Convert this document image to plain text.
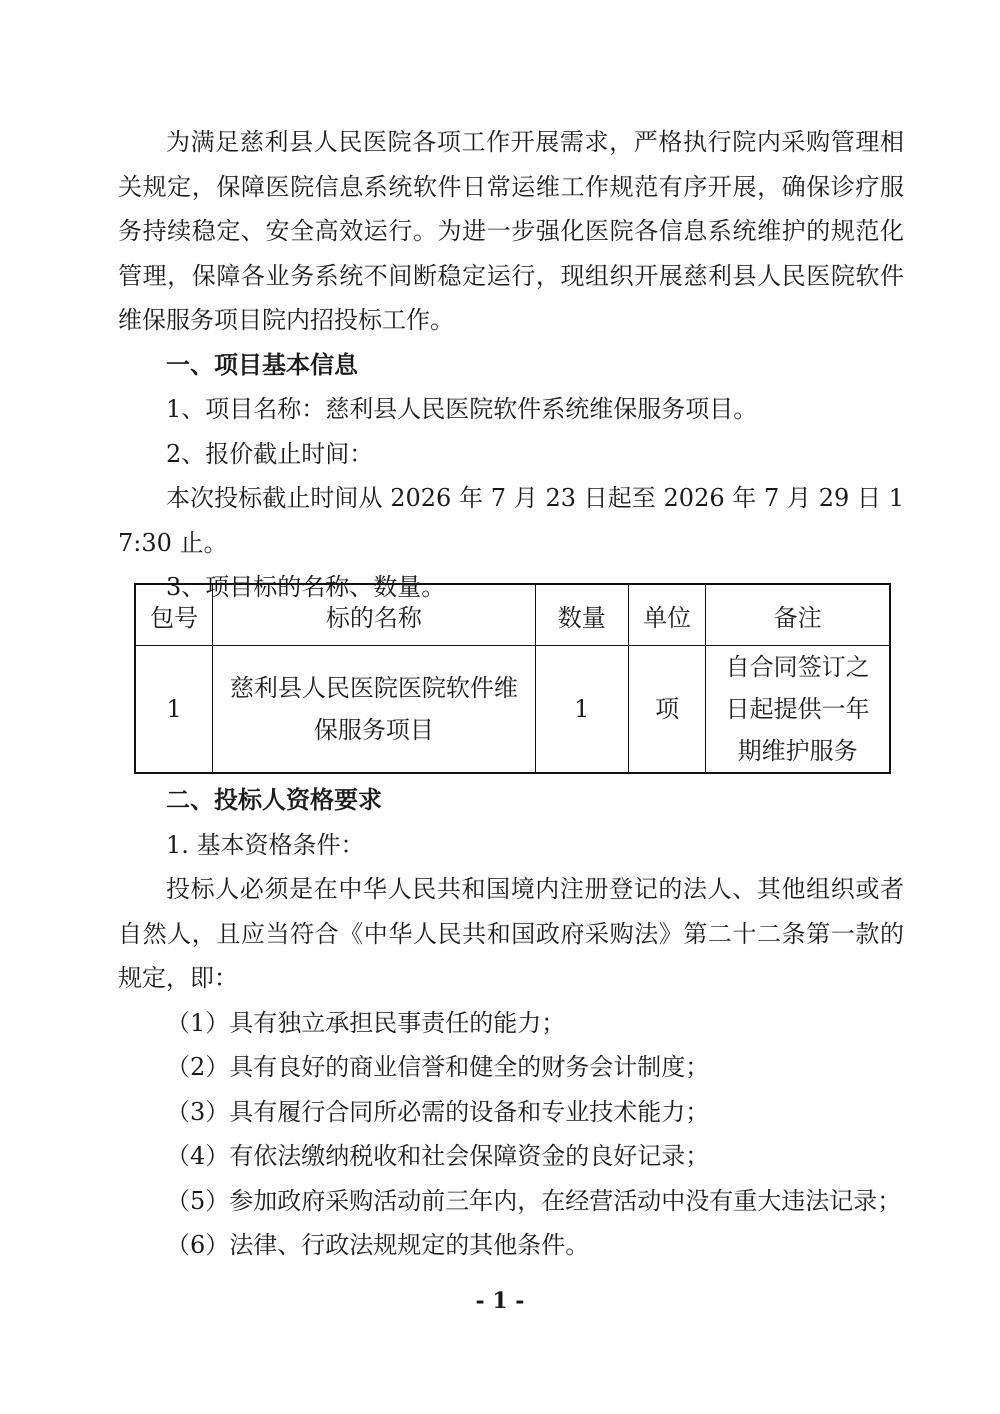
为满足慈利县人民医院各项工作开展需求，严格执行院内采购管理相关规定，保障医院信息系统软件日常运维工作规范有序开展，确保诊疗服务持续稳定、安全高效运行。为进一步强化医院各信息系统维护的规范化管理，保障各业务系统不间断稳定运行，现组织开展慈利县人民医院软件维保服务项目院内招投标工作。

一、项目基本信息

1、项目名称：慈利县人民医院软件系统维保服务项目。

2、报价截止时间：

本次投标截止时间从 2026 年 7 月 23 日起至 2026 年 7 月 29 日 17:30 止。

3、项目标的名称、数量。

包号	标的名称	数量	单位	备注
1	慈利县人民医院医院软件维保服务项目	1	项	自合同签订之日起提供一年期维护服务

二、投标人资格要求

1. 基本资格条件：

投标人必须是在中华人民共和国境内注册登记的法人、其他组织或者自然人，且应当符合《中华人民共和国政府采购法》第二十二条第一款的规定，即：

（1）具有独立承担民事责任的能力；

（2）具有良好的商业信誉和健全的财务会计制度；

（3）具有履行合同所必需的设备和专业技术能力；

（4）有依法缴纳税收和社会保障资金的良好记录；

（5）参加政府采购活动前三年内，在经营活动中没有重大违法记录；

（6）法律、行政法规规定的其他条件。

- 1 -
